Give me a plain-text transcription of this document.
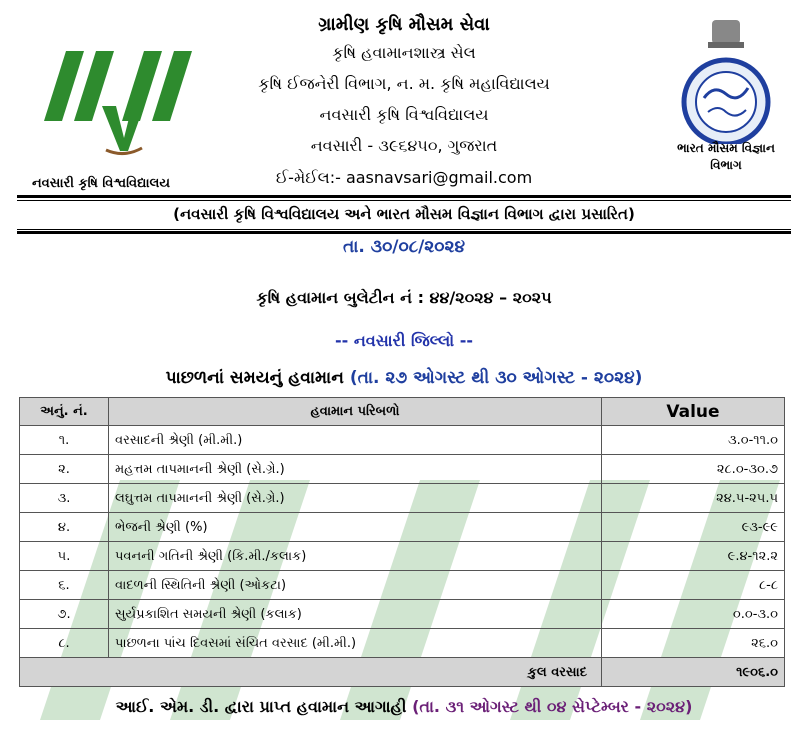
ગ્રામીણ કૃષિ મૌસમ સેવા
કૃષિ હવામાનશાસ્ત્ર સેલ
કૃષિ ઈજનેરી વિભાગ, ન. મ. કૃષિ મહાવિદ્યાલય
નવસારી કૃષિ વિશ્વવિદ્યાલય
નવસારી - ૩૯૬૪૫૦, ગુજરાત
ઈ-મેઈલ:- aasnavsari@gmail.com
નવસારી કૃષિ વિશ્વવિદ્યાલય
ભારત મૌસમ વિજ્ઞાન
વિભાગ
(નવસારી કૃષિ વિશ્વવિદ્યાલય અને ભારત મૌસમ વિજ્ઞાન વિભાગ દ્વારા પ્રસારિત)
તા. ૩૦/૦૮/૨૦૨૪
કૃષિ હવામાન બુલેટીન નં : ૪૪/૨૦૨૪ – ૨૦૨૫
-- નવસારી જિલ્લો --
પાછળનાં સમયનું હવામાન (તા. ૨૭ ઓગસ્ટ થી ૩૦ ઓગસ્ટ - ૨૦૨૪)
અનું. નં.	હવામાન પરિબળો	Value
૧.	વરસાદની શ્રેણી (મી.મી.)	૩.૦-૧૧.૦
૨.	મહત્તમ તાપમાનની શ્રેણી (સે.ગ્રે.)	૨૮.૦-૩૦.૭
૩.	લઘુત્તમ તાપમાનની શ્રેણી (સે.ગ્રે.)	૨૪.૫-૨૫.૫
૪.	ભેજની શ્રેણી (%)	૯૩-૯૯
૫.	પવનની ગતિની શ્રેણી (કિ.મી./કલાક)	૯.૪-૧૨.૨
૬.	વાદળની સ્થિતિની શ્રેણી (ઓકટા)	૮-૮
૭.	સુર્યપ્રકાશિત સમયની શ્રેણી (કલાક)	૦.૦-૩.૦
૮.	પાછળના પાંચ દિવસમાં સંચિત વરસાદ (મી.મી.)	૨૬.૦
કુલ વરસાદ		૧૯૦૬.૦
આઈ. એમ. ડી. દ્વારા પ્રાપ્ત હવામાન આગાહી (તા. ૩૧ ઓગસ્ટ થી ૦૪ સેપ્ટેમ્બર - ૨૦૨૪)
